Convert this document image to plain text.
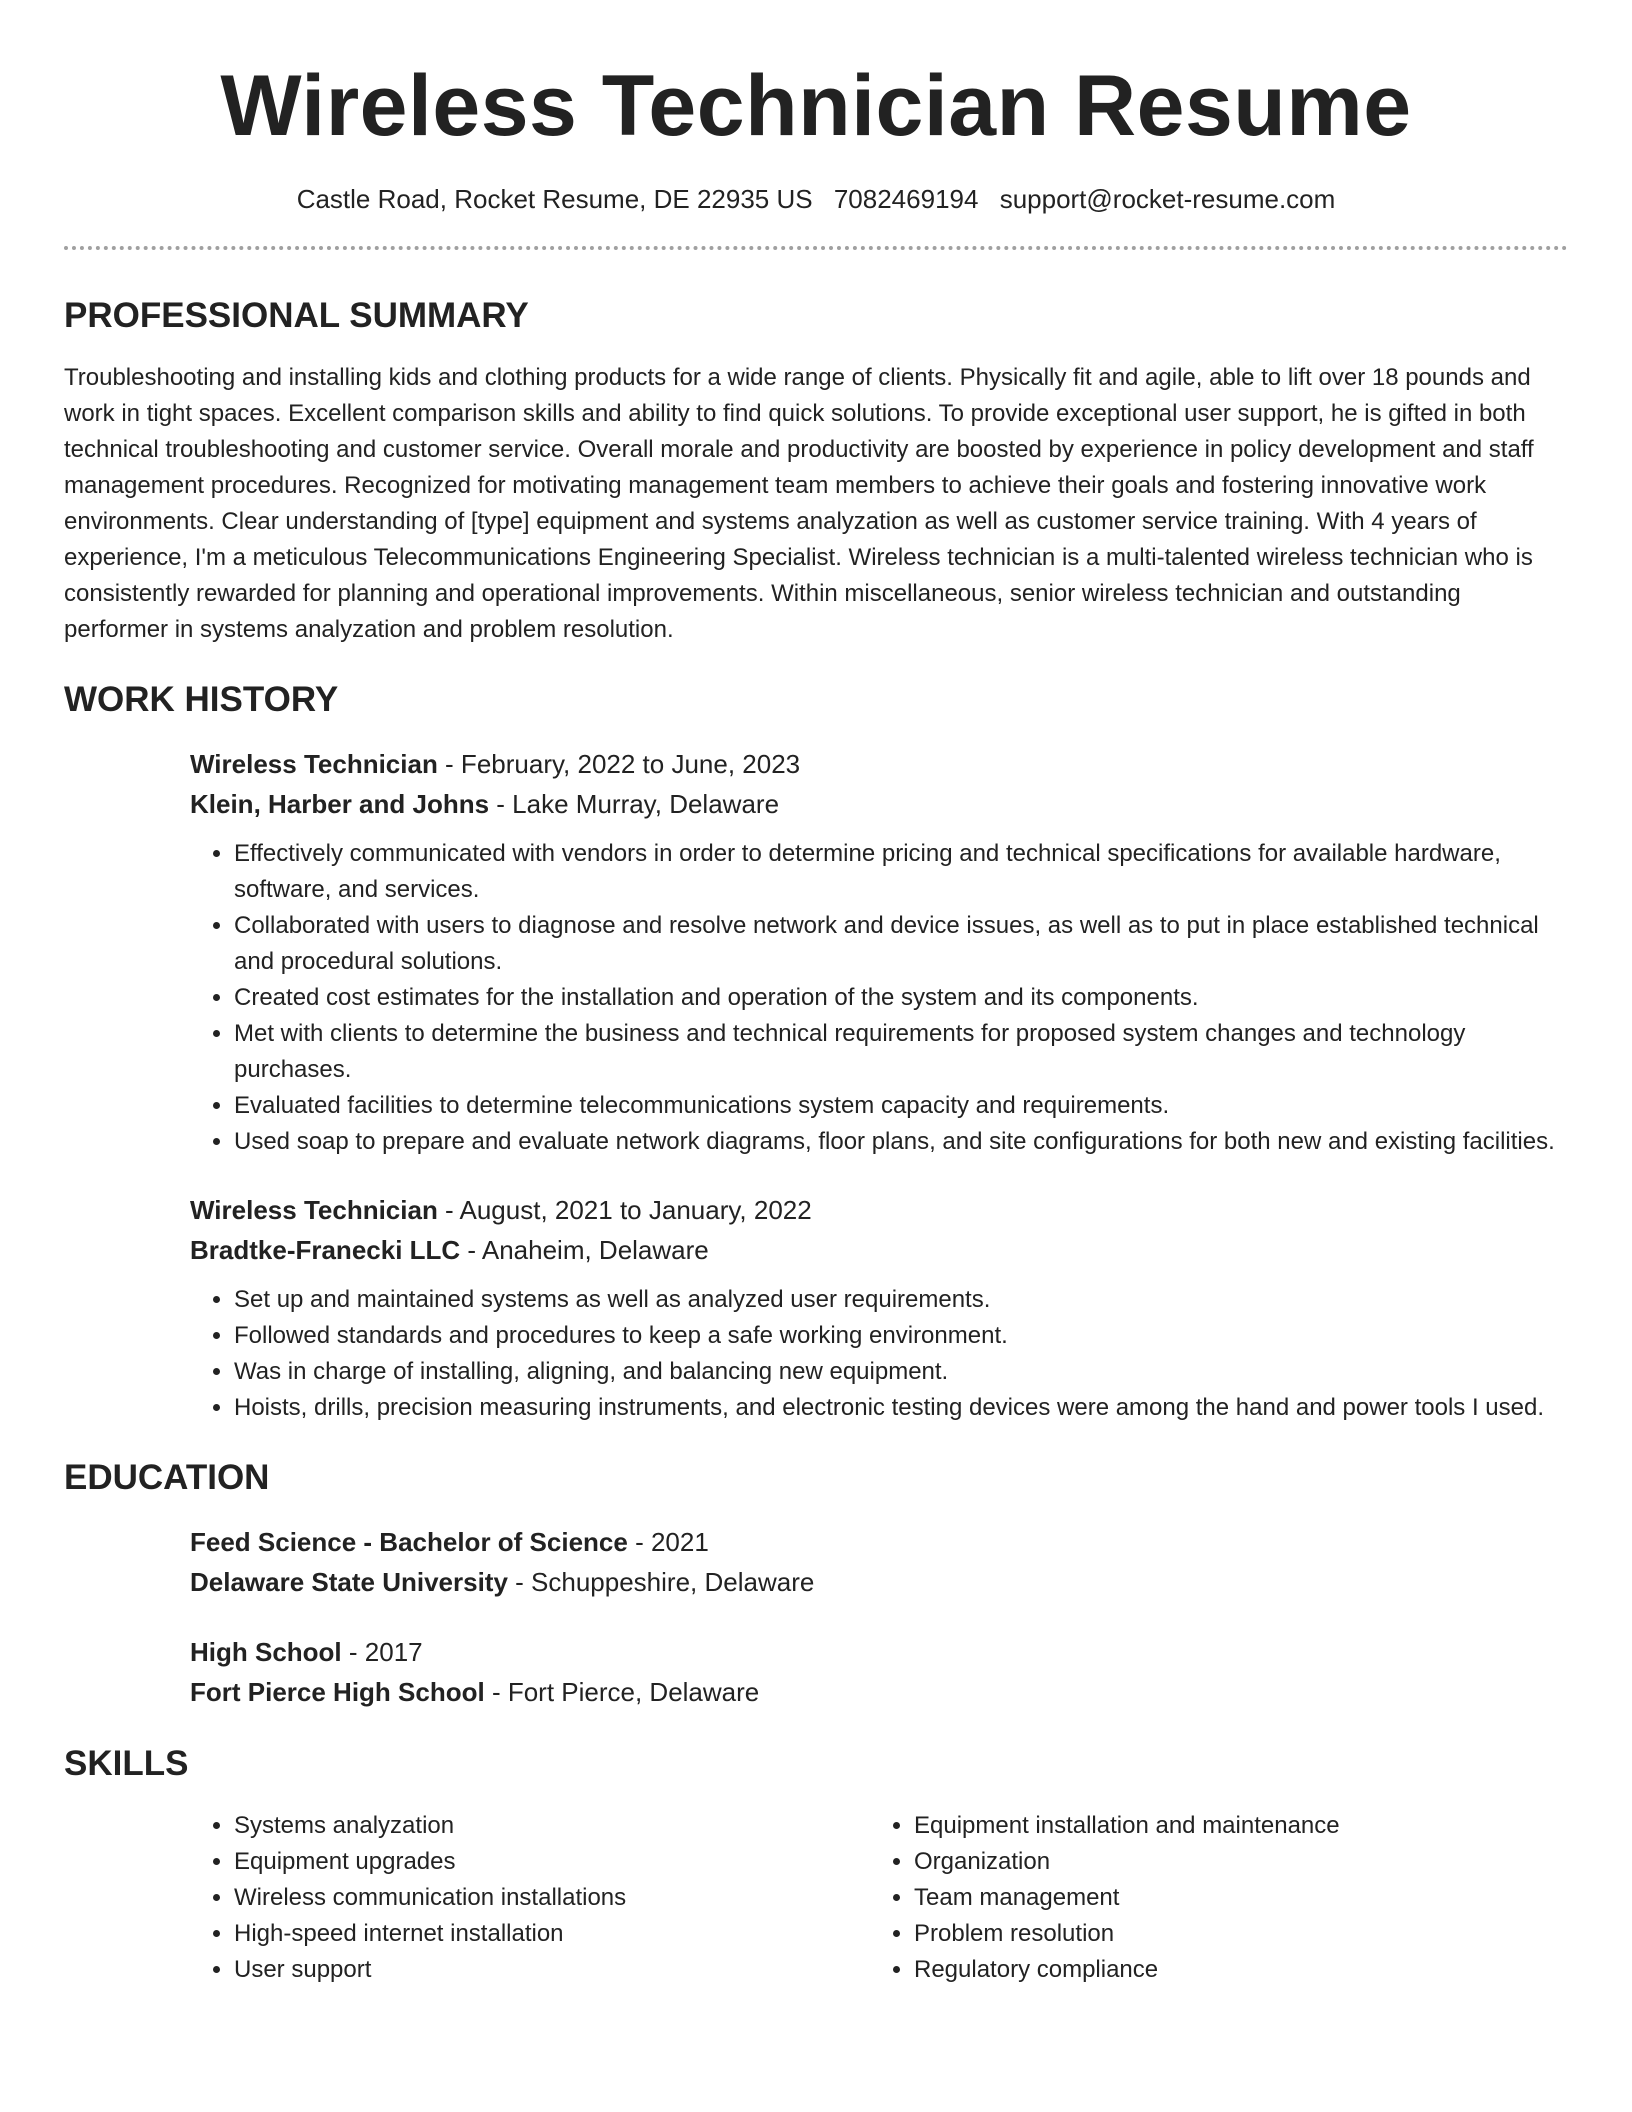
Wireless Technician Resume
Castle Road, Rocket Resume, DE 22935 US 7082469194 support@rocket-resume.com
PROFESSIONAL SUMMARY

Troubleshooting and installing kids and clothing products for a wide range of clients. Physically fit and agile, able to lift over 18 pounds and work in tight spaces. Excellent comparison skills and ability to find quick solutions. To provide exceptional user support, he is gifted in both technical troubleshooting and customer service. Overall morale and productivity are boosted by experience in policy development and staff management procedures. Recognized for motivating management team members to achieve their goals and fostering innovative work environments. Clear understanding of [type] equipment and systems analyzation as well as customer service training. With 4 years of experience, I'm a meticulous Telecommunications Engineering Specialist. Wireless technician is a multi-talented wireless technician who is consistently rewarded for planning and operational improvements. Within miscellaneous, senior wireless technician and outstanding performer in systems analyzation and problem resolution.

WORK HISTORY

Wireless Technician - February, 2022 to June, 2023

Klein, Harber and Johns - Lake Murray, Delaware

• Effectively communicated with vendors in order to determine pricing and technical specifications for available hardware, software, and services.
• Collaborated with users to diagnose and resolve network and device issues, as well as to put in place established technical and procedural solutions.
• Created cost estimates for the installation and operation of the system and its components.
• Met with clients to determine the business and technical requirements for proposed system changes and technology purchases.
• Evaluated facilities to determine telecommunications system capacity and requirements.
• Used soap to prepare and evaluate network diagrams, floor plans, and site configurations for both new and existing facilities.

Wireless Technician - August, 2021 to January, 2022

Bradtke-Franecki LLC - Anaheim, Delaware

• Set up and maintained systems as well as analyzed user requirements.
• Followed standards and procedures to keep a safe working environment.
• Was in charge of installing, aligning, and balancing new equipment.
• Hoists, drills, precision measuring instruments, and electronic testing devices were among the hand and power tools I used.
EDUCATION

Feed Science - Bachelor of Science - 2021

Delaware State University - Schuppeshire, Delaware

High School - 2017

Fort Pierce High School - Fort Pierce, Delaware

SKILLS
• Systems analyzation
• Equipment upgrades
• Wireless communication installations
• High-speed internet installation
• User support
• Equipment installation and maintenance
• Organization
• Team management
• Problem resolution
• Regulatory compliance
